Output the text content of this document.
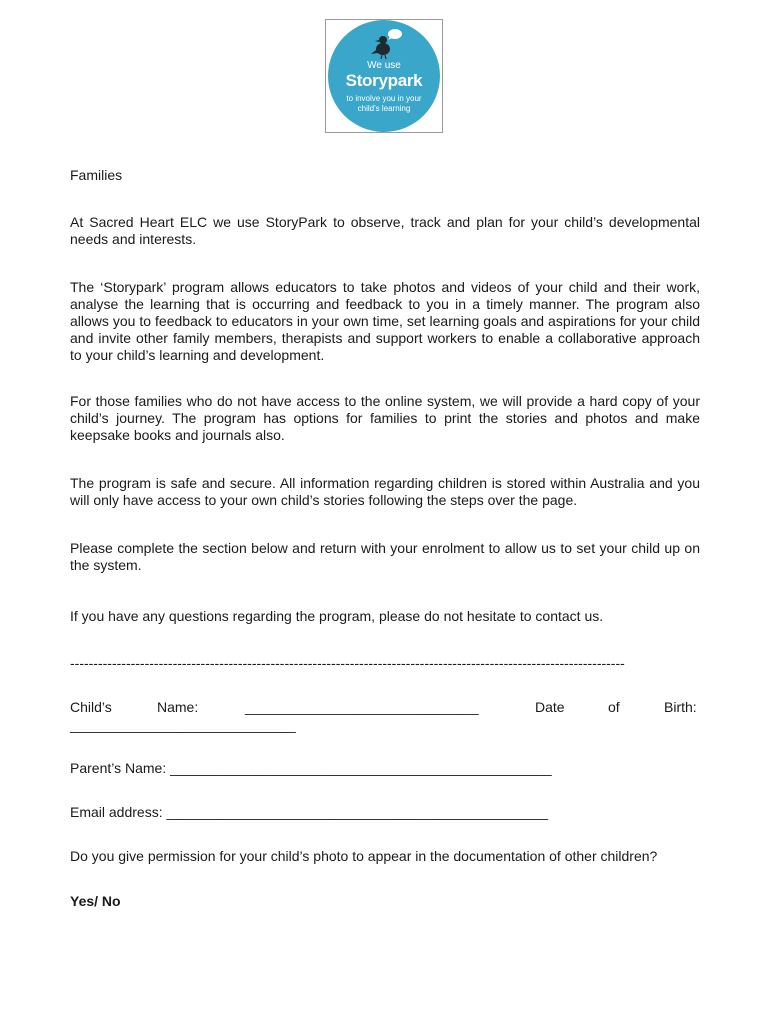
We use
Storypark
to involve you in your child's learning
Families
At Sacred Heart ELC we use StoryPark to observe, track and plan for your child’s developmental needs and interests.
The ‘Storypark’ program allows educators to take photos and videos of your child and their work, analyse the learning that is occurring and feedback to you in a timely manner. The program also allows you to feedback to educators in your own time, set learning goals and aspirations for your child and invite other family members, therapists and support workers to enable a collaborative approach to your child’s learning and development.
For those families who do not have access to the online system, we will provide a hard copy of your child’s journey. The program has options for families to print the stories and photos and make keepsake books and journals also.
The program is safe and secure. All information regarding children is stored within Australia and you will only have access to your own child’s stories following the steps over the page.
Please complete the section below and return with your enrolment to allow us to set your child up on the system.
If you have any questions regarding the program, please do not hesitate to contact us.
-----------------------------------------------------------------------------------------------------------------------
Child’s	Name:	______________________________	Date	of	Birth:
_____________________________
Parent’s Name: _________________________________________________
Email address: _________________________________________________
Do you give permission for your child’s photo to appear in the documentation of other children?
Yes/ No
